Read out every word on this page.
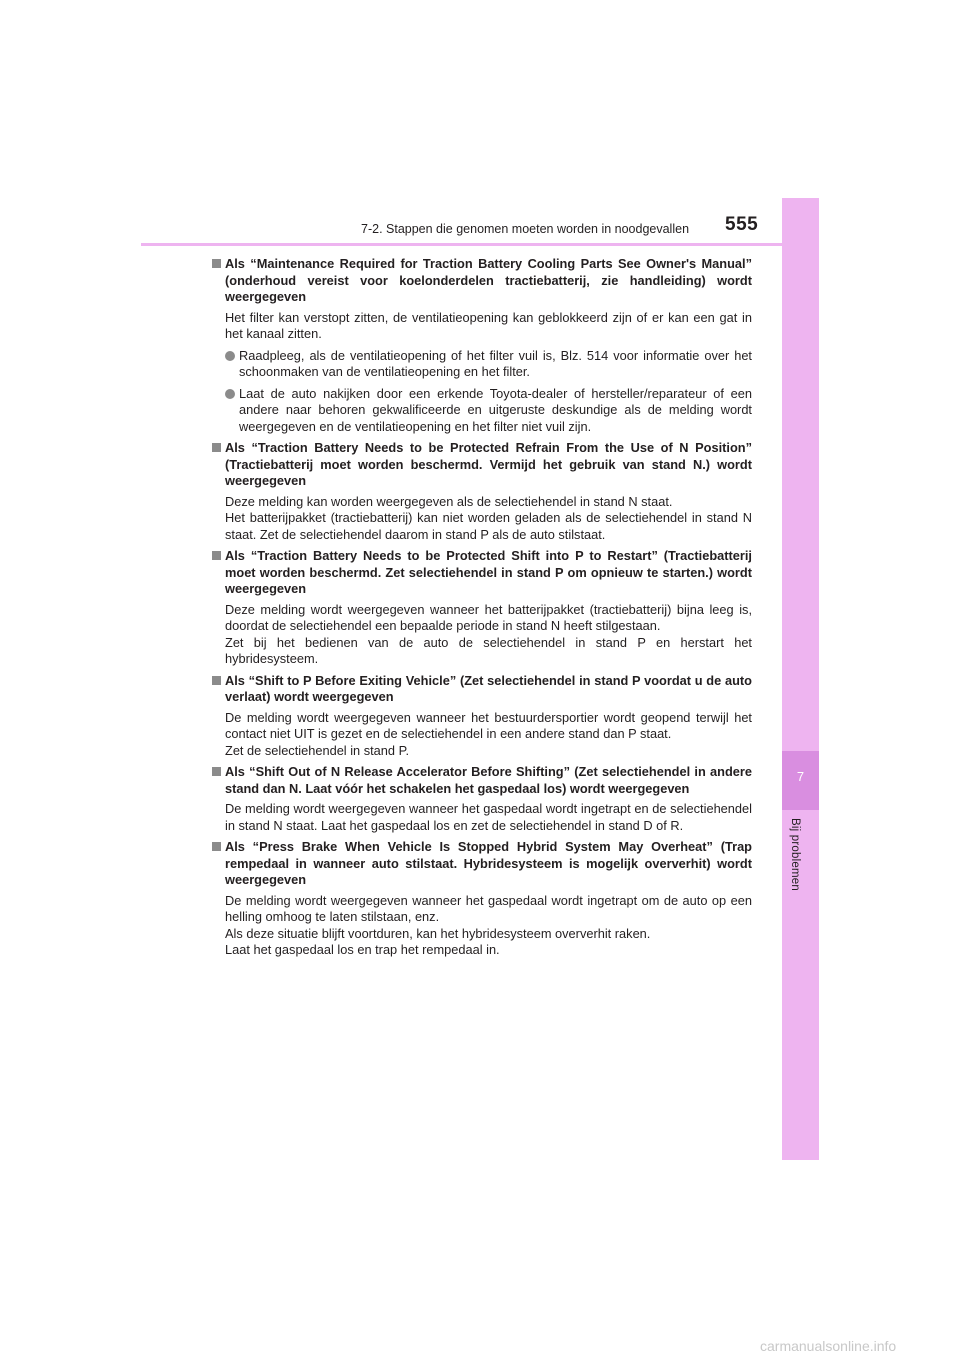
7
Bij problemen
7-2. Stappen die genomen moeten worden in noodgevallen 555
Als “Maintenance Required for Traction Battery Cooling Parts See Owner's Manual” (onderhoud vereist voor koelonderdelen tractiebatterij, zie handleiding) wordt weergegeven
Het filter kan verstopt zitten, de ventilatieopening kan geblokkeerd zijn of er kan een gat in het kanaal zitten.
Raadpleeg, als de ventilatieopening of het filter vuil is, Blz. 514 voor informatie over het schoonmaken van de ventilatieopening en het filter.
Laat de auto nakijken door een erkende Toyota-dealer of hersteller/reparateur of een andere naar behoren gekwalificeerde en uitgeruste deskundige als de melding wordt weergegeven en de ventilatieopening en het filter niet vuil zijn.
Als “Traction Battery Needs to be Protected Refrain From the Use of N Position” (Tractiebatterij moet worden beschermd. Vermijd het gebruik van stand N.) wordt weergegeven
Deze melding kan worden weergegeven als de selectiehendel in stand N staat.
Het batterijpakket (tractiebatterij) kan niet worden geladen als de selectiehendel in stand N staat. Zet de selectiehendel daarom in stand P als de auto stilstaat.
Als “Traction Battery Needs to be Protected Shift into P to Restart” (Tractiebatterij moet worden beschermd. Zet selectiehendel in stand P om opnieuw te starten.) wordt weergegeven
Deze melding wordt weergegeven wanneer het batterijpakket (tractiebatterij) bijna leeg is, doordat de selectiehendel een bepaalde periode in stand N heeft stilgestaan.
Zet bij het bedienen van de auto de selectiehendel in stand P en herstart het hybridesysteem.
Als “Shift to P Before Exiting Vehicle” (Zet selectiehendel in stand P voordat u de auto verlaat) wordt weergegeven
De melding wordt weergegeven wanneer het bestuurdersportier wordt geopend terwijl het contact niet UIT is gezet en de selectiehendel in een andere stand dan P staat.
Zet de selectiehendel in stand P.
Als “Shift Out of N Release Accelerator Before Shifting” (Zet selectiehendel in andere stand dan N. Laat vóór het schakelen het gaspedaal los) wordt weergegeven
De melding wordt weergegeven wanneer het gaspedaal wordt ingetrapt en de selectiehendel in stand N staat. Laat het gaspedaal los en zet de selectiehendel in stand D of R.
Als “Press Brake When Vehicle Is Stopped Hybrid System May Overheat” (Trap rempedaal in wanneer auto stilstaat. Hybridesysteem is mogelijk oververhit) wordt weergegeven
De melding wordt weergegeven wanneer het gaspedaal wordt ingetrapt om de auto op een helling omhoog te laten stilstaan, enz.
Als deze situatie blijft voortduren, kan het hybridesysteem oververhit raken.
Laat het gaspedaal los en trap het rempedaal in.
carmanualsonline.info
